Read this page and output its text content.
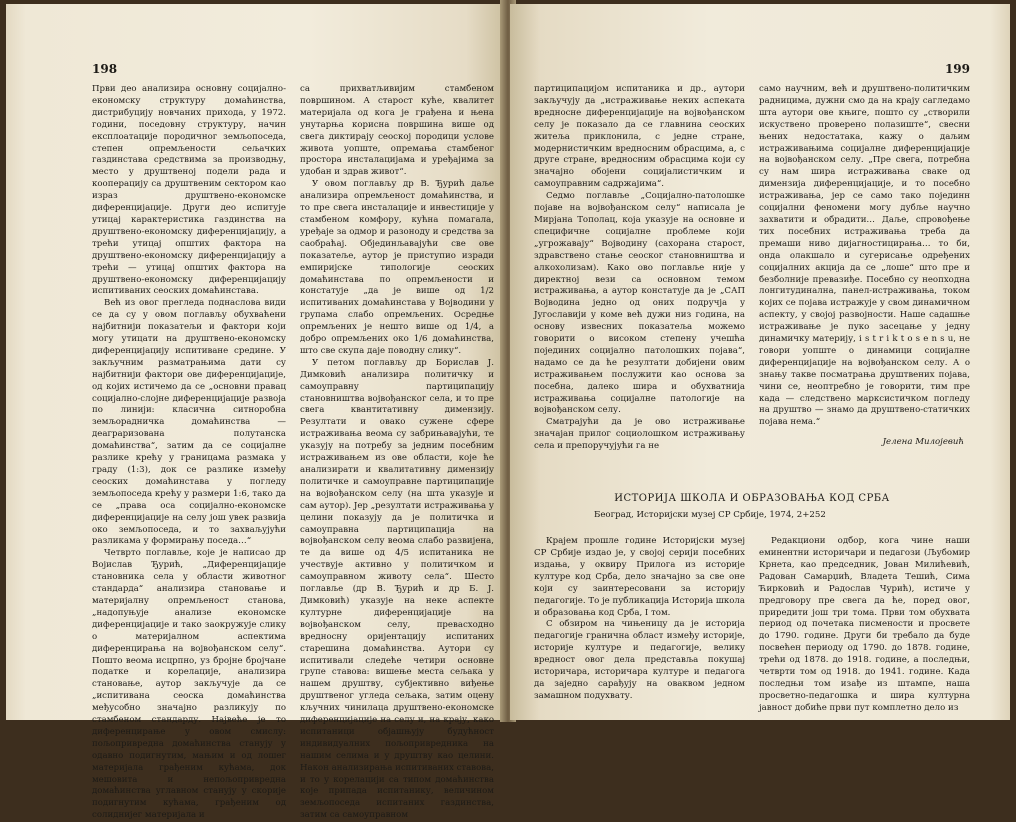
198

Први део анализира основну социјално-економску структуру домаћинства, дистрибуцију новчаних прихода, у 1972. години, поседовну структуру, начин експлоатације породичног земљопоседа, степен опремљености сељачких газдинстава средствима за производњу, место у друштвеној подели рада и кооперацију са друштвеним сектором као израз друштвено-економске диференцијације. Други део испитује утицај карактеристика газдинства на друштвено-економску диференцијацију, а трећи утицај општих фактора на друштвено-економску диференцијацију а трећи — утицај општих фактора на друштвено-економску диференцијацију испитиваних сеоских домаћинстава.

Већ из овог прегледа поднаслова види се да су у овом поглављу обухваћени најбитнији показатељи и фактори који могу утицати на друштвено-економску диференцијацију испитиване средине. У закључним разматрањима дати су најбитнији фактори ове диференцијације, од којих истичемо да се „основни правац социјално-слојне диференцијације развоја по линији: класична ситноробна земљорадничка домаћинства — деаграризована полутанска домаћинства“, затим да се социјалне разлике крећу у границама размака у граду (1:3), док се разлике између сеоских домаћинстава у погледу земљопоседа крећу у размери 1:6, тако да се „права осa социјално-економске диференцијације на селу још увек развија око земљопоседа, и то захваљујући разликама у формирању поседа…“

Четврто поглавље, које је написао др Војислав Ђурић, „Диференцијације становника села у области животног стандарда“ анализира становање и материјалну опремљеност станова, „надопуњује анализе економске диференцијације и тако заокружује слику о материјалном аспектима диференцирања на војвођанском селу“. Пошто веома исцрпно, уз бројне бројчане податке и корелације, анализира становање, аутор закључује да се „испитивана сеоска домаћинства међусобно значајно разликују по стамбеном стандарду. Највеће је то диференцирање у овом смислу: пољопривредна домаћинства станују у одавно подигнутим, мањим и од лошег материјала грађеним кућама, док мешовита и непољопривредна домаћинства углавном станују у скорије подигнутим кућама, грађеним од солиднијег материјала и

са прихватљивијим стамбеном површином. А старост куће, квалитет материјала од кога је грађена и њена унутарња корисна површина више од свега диктирају сеоској породици услове живота уопште, опремања стамбеног простора инсталацијама и уређајима за удобан и здрав живот“.

У овом поглављу др В. Ђурић даље анализира опремљеност домаћинства, и то пре свега инсталације и инвестиције у стамбеном комфору, кућна помагала, уређаје за одмор и разоноду и средства за саобраћај. Објединљавајући све ове показатеље, аутор је приступио изради емпиријске типологије сеоских домаћинстава по опремљености и констатује „да је више од 1/2 испитиваних домаћинстава у Војводини у групама слабо опремљених. Осредње опремљених је нешто више од 1/4, а добро опремљених око 1/6 домаћинства, што све скупа даје поводну слику“.

У петом поглављу др Борислав Ј. Димковић анализира политичку и самоуправну партиципацију становништва војвођанског села, и то пре свега квантитативну димензију. Резултати и овако сужене сфере истраживања веома су забрињавајући, те указују на потребу за једним посебним истраживањем из ове области, које ће анализирати и квалитативну димензију политичке и самоуправне партиципације на војвођанском селу (на шта указује и сам аутор). Јер „резултати истраживања у целини показују да је политичка и самоуправна партиципација на војвођанском селу веома слабо развијена, те да више од 4/5 испитаника не учествује активно у политичком и самоуправном животу села“. Шесто поглавље (др В. Ђурић и др Б. Ј. Димковић) указује на неке аспекте културне диференцијације на војвођанском селу, превасходно вредносну оријентацију испитаних старешина домаћинства. Аутори су испитивали следеће четири основне групе ставова: вишење места сељака у нашем друштву, субјективно виђење друштвеног угледа сељака, затим оцену кључних чинилаца друштвено-економске диференцијације на селу и, на крају, како испитаници објашњују будућност индивидуалних пољопривредника на нашим селима и у друштву као целини. Након анализирања испитиваних ставова, и то у корелацији са типом домаћинства које припада испитанику, величином земљопоседа испитаних газдинства, затим са самоуправном

199

партиципацијом испитаника и др., аутори закључују да „истраживање неких аспеката вредносне диференцијације на војвођанском селу је показало да се главнина сеоских житеља приклонила, с једне стране, модернистичким вредносним обрасцима, а, с друге стране, вредносним обрасцима који су значајно обојени социјалистичким и самоуправним садржајима“.

Седмо поглавље „Социјално-патолошке појаве на војвођанском селу“ написала је Мирјана Тополац, која указује на основне и специфичне социјалне проблеме који „угрожавају“ Војводину (сахорана старост, здравствено стање сеоског становништва и алкохолизам). Како ово поглавље није у директној вези са основном темом истраживања, а аутор констатује да је „САП Војводина једно од оних подручја у Југославији у коме већ дужи низ година, на основу извесних показатеља можемо говорити о високом степену учешћа појединих социјално патолошких појава“, надамо се да ће резултати добијени овим истраживањем послужити као основа за посебна, далеко шира и обухватнија истраживања социјалне патологије на војвођанском селу.

Сматрајући да је ово истраживање значајан прилог социолошком истраживању села и препоручујући га не

само научним, већ и друштвено-политичким радницима, дужни смо да на крају сагледамо шта аутори ове књиге, пошто су „створили искуствено проверено полазиште“, свесни њених недостатака, кажу о даљим истраживањима социјалне диференцијације на војвођанском селу. „Пре свега, потребна су нам шира истраживања сваке од димензија диференцијације, и то посебно истраживања, јер се само тако појединн социјални феномени могу дубље научно захватити и обрадити… Даље, спровођење тих посебних истраживања треба да премаши ниво дијагностицирања… то би, онда олакшало и сугерисање одређених социјалних акција да се „лоше“ што пре и безболније превазиђе. Посебно су неопходна лонгитудинална, панел-истраживања, током којих се појава истражује у свом динамичном аспекту, у својој развојности. Наше садашње истраживање је пуко засецање у једну динамичку материју, i s t r i k t o s e n s u, не говори уопште о динамици социјалне диференцијације на војвођанском селу. А о знању такве посматрања друштвених појава, чини се, неоптребно је говорити, тим пре када — следствено марксистичком погледу на друштво — знамо да друштвено-статичких појава нема.“

Јелена Милојевић
ИСТОРИЈА ШКОЛА И ОБРАЗОВАЊА КОД СРБА

Београд, Историјски музеј СР Србије, 1974, 2+252

Крајем прошле године Историјски музеј СР Србије издао је, у својој серији посебних издања, у оквиру Прилога из историје културе код Срба, дело значајно за све оне који су заинтересовани за историју педагогије. То је публикација Историја школа и образовања код Срба, I том.

С обзиром на чињеницу да је историја педагогије гранична област између историје, историје културе и педагогије, велику вредност овог дела представља покушај историчара, историчара културе и педагога да заједно сарађују на оваквом једном замашном подухвату.

Редакциони одбор, кога чине наши еминентни историчари и педагози (Љубомир Крнета, као председник, Јован Милићевић, Радован Самарџић, Владета Тешић, Сима Ћирковић и Радослав Чурић), истиче у предговору пре свега да ће, поред овог, приредити још три тома. Први том обухвата период од почетака писмености и просвете до 1790. године. Други би требало да буде посвећен периоду од 1790. до 1878. године, трећи од 1878. до 1918. године, а последњи, четврти том од 1918. до 1941. године. Када последњи том изађе из штампе, наша просветно-педагошка и шира културна јавност добиће први пут комплетно дело из
